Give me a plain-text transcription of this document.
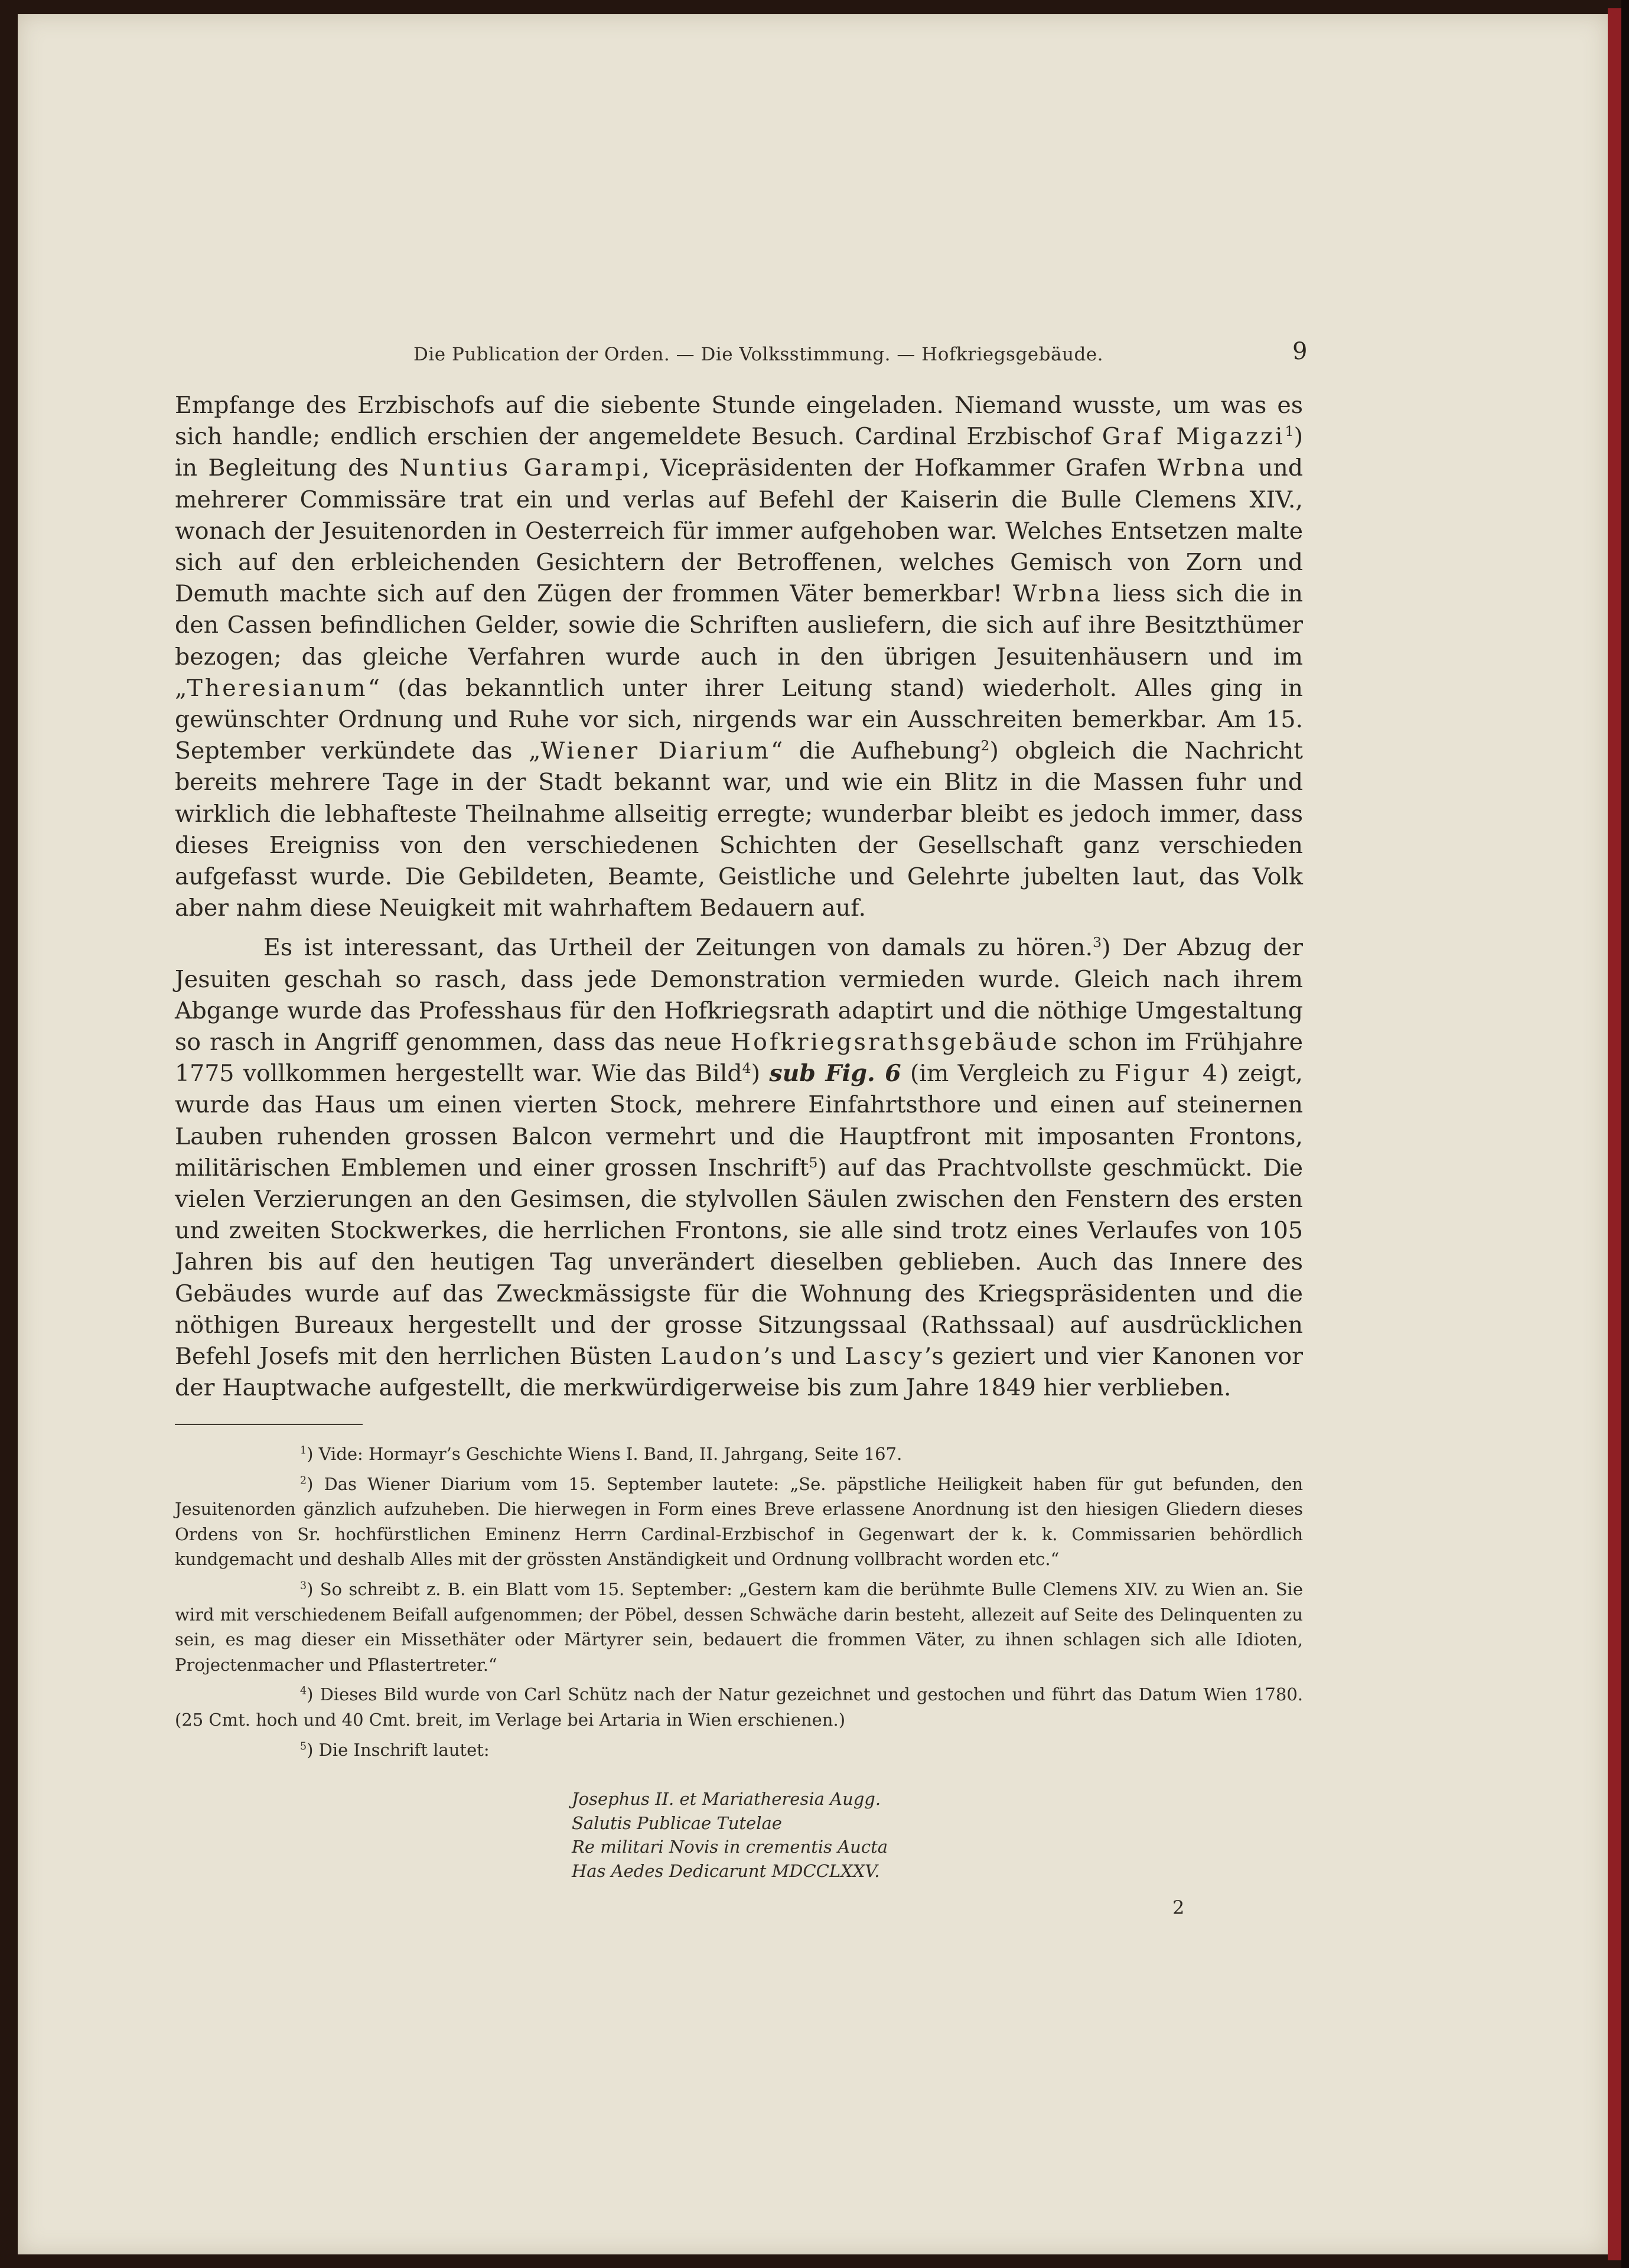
Die Publication der Orden. — Die Volksstimmung. — Hofkriegsgebäude.	9

Empfange des Erzbischofs auf die siebente Stunde eingeladen. Niemand wusste, um was es sich handle; endlich erschien der angemeldete Besuch. Cardinal Erzbischof Graf Migazzi$^1$) in Begleitung des Nuntius Garampi, Vicepräsidenten der Hofkammer Grafen Wrbna und mehrerer Commissäre trat ein und verlas auf Befehl der Kaiserin die Bulle Clemens XIV., wonach der Jesuitenorden in Oesterreich für immer aufgehoben war. Welches Entsetzen malte sich auf den erbleichenden Gesichtern der Betroffenen, welches Gemisch von Zorn und Demuth machte sich auf den Zügen der frommen Väter bemerkbar! Wrbna liess sich die in den Cassen befindlichen Gelder, sowie die Schriften ausliefern, die sich auf ihre Besitzthümer bezogen; das gleiche Verfahren wurde auch in den übrigen Jesuitenhäusern und im „Theresianum“ (das bekanntlich unter ihrer Leitung stand) wiederholt. Alles ging in gewünschter Ordnung und Ruhe vor sich, nirgends war ein Ausschreiten bemerkbar. Am 15. September verkündete das „Wiener Diarium“ die Aufhebung$^2$) obgleich die Nachricht bereits mehrere Tage in der Stadt bekannt war, und wie ein Blitz in die Massen fuhr und wirklich die lebhafteste Theilnahme allseitig erregte; wunderbar bleibt es jedoch immer, dass dieses Ereigniss von den verschiedenen Schichten der Gesellschaft ganz verschieden aufgefasst wurde. Die Gebildeten, Beamte, Geistliche und Gelehrte jubelten laut, das Volk aber nahm diese Neuigkeit mit wahrhaftem Bedauern auf.

Es ist interessant, das Urtheil der Zeitungen von damals zu hören.$^3$) Der Abzug der Jesuiten geschah so rasch, dass jede Demonstration vermieden wurde. Gleich nach ihrem Abgange wurde das Professhaus für den Hofkriegsrath adaptirt und die nöthige Umgestaltung so rasch in Angriff genommen, dass das neue Hofkriegsrathsgebäude schon im Frühjahre 1775 vollkommen hergestellt war. Wie das Bild$^4$) sub Fig. 6 (im Vergleich zu Figur 4) zeigt, wurde das Haus um einen vierten Stock, mehrere Einfahrtsthore und einen auf steinernen Lauben ruhenden grossen Balcon vermehrt und die Hauptfront mit imposanten Frontons, militärischen Emblemen und einer grossen Inschrift$^5$) auf das Prachtvollste geschmückt. Die vielen Verzierungen an den Gesimsen, die stylvollen Säulen zwischen den Fenstern des ersten und zweiten Stockwerkes, die herrlichen Frontons, sie alle sind trotz eines Verlaufes von 105 Jahren bis auf den heutigen Tag unverändert dieselben geblieben. Auch das Innere des Gebäudes wurde auf das Zweckmässigste für die Wohnung des Kriegspräsidenten und die nöthigen Bureaux hergestellt und der grosse Sitzungssaal (Rathssaal) auf ausdrücklichen Befehl Josefs mit den herrlichen Büsten Laudon’s und Lascy’s geziert und vier Kanonen vor der Hauptwache aufgestellt, die merkwürdigerweise bis zum Jahre 1849 hier verblieben.

$^1$) Vide: Hormayr’s Geschichte Wiens I. Band, II. Jahrgang, Seite 167.

$^2$) Das Wiener Diarium vom 15. September lautete: „Se. päpstliche Heiligkeit haben für gut befunden, den Jesuitenorden gänzlich aufzuheben. Die hierwegen in Form eines Breve erlassene Anordnung ist den hiesigen Gliedern dieses Ordens von Sr. hochfürstlichen Eminenz Herrn Cardinal-Erzbischof in Gegenwart der k. k. Commissarien behördlich kundgemacht und deshalb Alles mit der grössten Anständigkeit und Ordnung vollbracht worden etc.“

$^3$) So schreibt z. B. ein Blatt vom 15. September: „Gestern kam die berühmte Bulle Clemens XIV. zu Wien an. Sie wird mit verschiedenem Beifall aufgenommen; der Pöbel, dessen Schwäche darin besteht, allezeit auf Seite des Delinquenten zu sein, es mag dieser ein Missethäter oder Märtyrer sein, bedauert die frommen Väter, zu ihnen schlagen sich alle Idioten, Projectenmacher und Pflastertreter.“

$^4$) Dieses Bild wurde von Carl Schütz nach der Natur gezeichnet und gestochen und führt das Datum Wien 1780. (25 Cmt. hoch und 40 Cmt. breit, im Verlage bei Artaria in Wien erschienen.)

$^5$) Die Inschrift lautet:

Josephus II. et Mariatheresia Augg.
Salutis Publicae Tutelae
Re militari Novis in crementis Aucta
Has Aedes Dedicarunt MDCCLXXV.
2
